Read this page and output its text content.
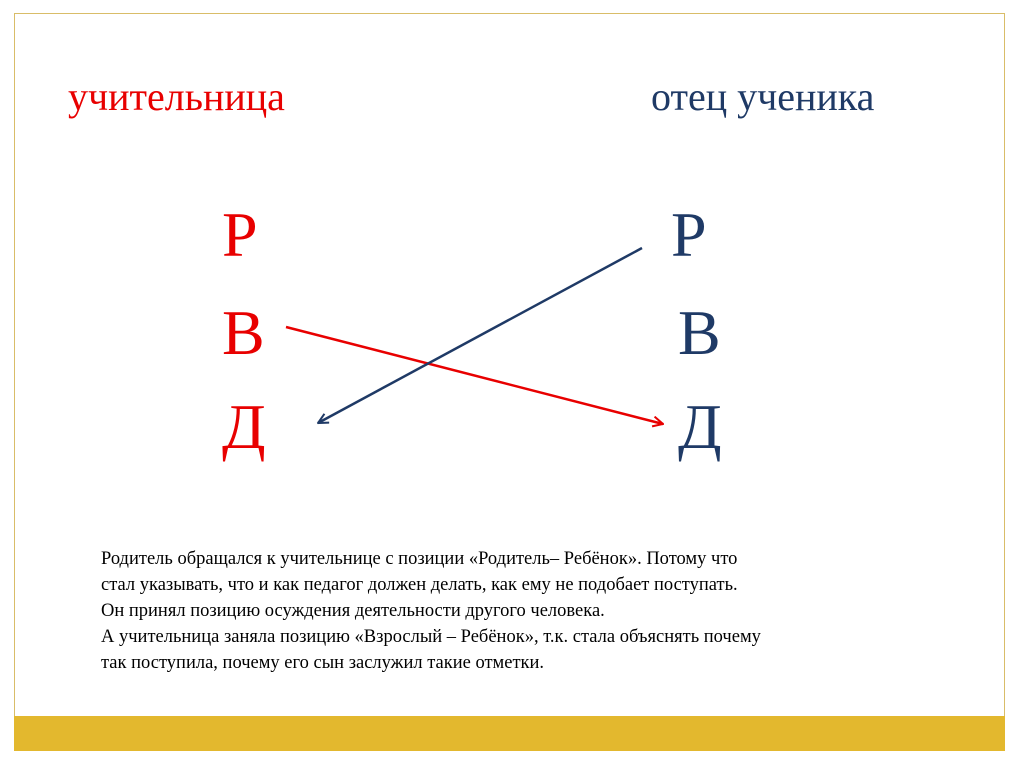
учительница	отец ученика
Р
В
Д
Р
В
Д

Родитель обращался к учительнице с позиции «Родитель– Ребёнок». Потому что

стал указывать, что и как педагог должен делать, как ему не подобает поступать.

Он принял позицию осуждения деятельности другого человека.

А учительница заняла позицию «Взрослый – Ребёнок», т.к. стала объяснять почему

так поступила, почему его сын заслужил такие отметки.
